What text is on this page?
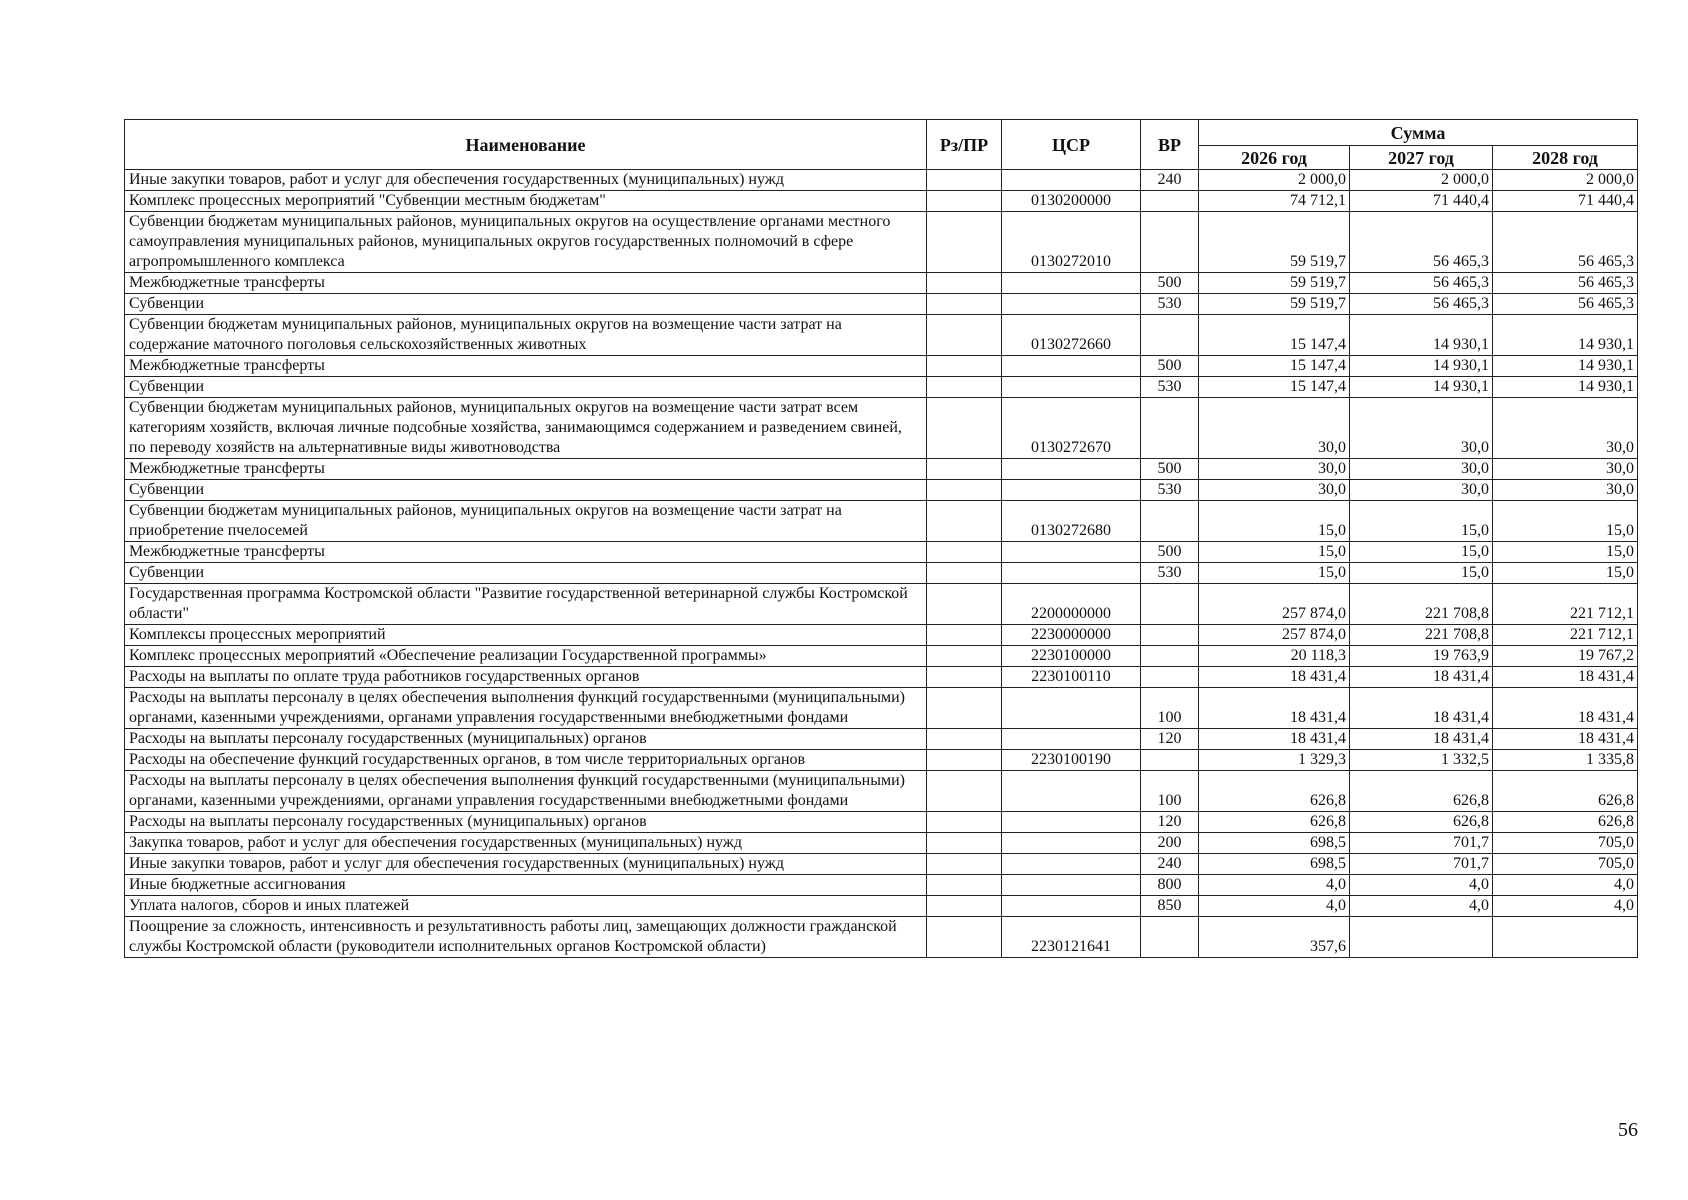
Наименование	Рз/ПР	ЦСР	ВР	Сумма		
				2026 год	2027 год	2028 год
Иные закупки товаров, работ и услуг для обеспечения государственных (муниципальных) нужд			240	2 000,0	2 000,0	2 000,0
Комплекс процессных мероприятий "Субвенции местным бюджетам"		0130200000		74 712,1	71 440,4	71 440,4
Субвенции бюджетам муниципальных районов, муниципальных округов на осуществление органами местного самоуправления муниципальных районов, муниципальных округов государственных полномочий в сфере агропромышленного комплекса		0130272010		59 519,7	56 465,3	56 465,3
Межбюджетные трансферты			500	59 519,7	56 465,3	56 465,3
Субвенции			530	59 519,7	56 465,3	56 465,3
Субвенции бюджетам муниципальных районов, муниципальных округов на возмещение части затрат на содержание маточного поголовья сельскохозяйственных животных		0130272660		15 147,4	14 930,1	14 930,1
Межбюджетные трансферты			500	15 147,4	14 930,1	14 930,1
Субвенции			530	15 147,4	14 930,1	14 930,1
Субвенции бюджетам муниципальных районов, муниципальных округов на возмещение части затрат всем категориям хозяйств, включая личные подсобные хозяйства, занимающимся содержанием и разведением свиней, по переводу хозяйств на альтернативные виды животноводства		0130272670		30,0	30,0	30,0
Межбюджетные трансферты			500	30,0	30,0	30,0
Субвенции			530	30,0	30,0	30,0
Субвенции бюджетам муниципальных районов, муниципальных округов на возмещение части затрат на приобретение пчелосемей		0130272680		15,0	15,0	15,0
Межбюджетные трансферты			500	15,0	15,0	15,0
Субвенции			530	15,0	15,0	15,0
Государственная программа Костромской области "Развитие государственной ветеринарной службы Костромской области"		2200000000		257 874,0	221 708,8	221 712,1
Комплексы процессных мероприятий		2230000000		257 874,0	221 708,8	221 712,1
Комплекс процессных мероприятий «Обеспечение реализации Государственной программы»		2230100000		20 118,3	19 763,9	19 767,2
Расходы на выплаты по оплате труда работников государственных органов		2230100110		18 431,4	18 431,4	18 431,4
Расходы на выплаты персоналу в целях обеспечения выполнения функций государственными (муниципальными) органами, казенными учреждениями, органами управления государственными внебюджетными фондами			100	18 431,4	18 431,4	18 431,4
Расходы на выплаты персоналу государственных (муниципальных) органов			120	18 431,4	18 431,4	18 431,4
Расходы на обеспечение функций государственных органов, в том числе территориальных органов		2230100190		1 329,3	1 332,5	1 335,8
Расходы на выплаты персоналу в целях обеспечения выполнения функций государственными (муниципальными) органами, казенными учреждениями, органами управления государственными внебюджетными фондами			100	626,8	626,8	626,8
Расходы на выплаты персоналу государственных (муниципальных) органов			120	626,8	626,8	626,8
Закупка товаров, работ и услуг для обеспечения государственных (муниципальных) нужд			200	698,5	701,7	705,0
Иные закупки товаров, работ и услуг для обеспечения государственных (муниципальных) нужд			240	698,5	701,7	705,0
Иные бюджетные ассигнования			800	4,0	4,0	4,0
Уплата налогов, сборов и иных платежей			850	4,0	4,0	4,0
Поощрение за сложность, интенсивность и результативность работы лиц, замещающих должности гражданской службы Костромской области (руководители исполнительных органов Костромской области)		2230121641		357,6		
56
